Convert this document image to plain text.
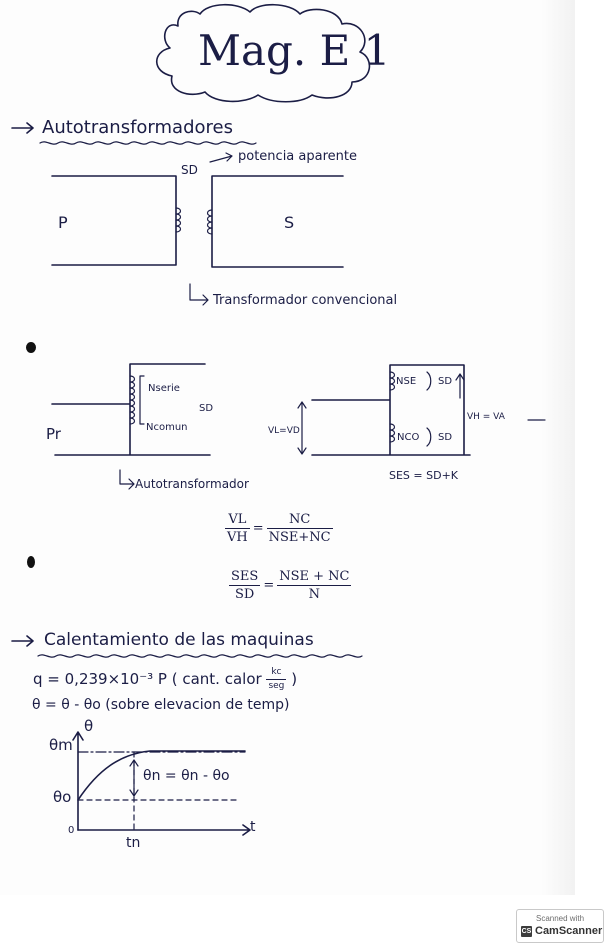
Mag. E 1
Autotransformadores
SD
potencia aparente
P	S
Transformador convencional
Nserie
Ncomun
SD
Pr
Autotransformador
NSE SD
NCO SD
VL=VD
VH = VA
SES = SD+K
$\frac{VL}{VH} = \frac{NC}{\text{NSE+NC}}$
$\frac{\text{SES}}{SD} = \frac{\text{NSE + NC}}{N}$
Calentamiento de las maquinas
q = 0,239×10⁻³ P ( cant. calor $\frac{kc}{\text{seg}}$ )
θ = θ - θo (sobre elevacion de temp)
θ
θm
θo
0	t
tn
θn = θn - θo
Scanned with
CS CamScanner
